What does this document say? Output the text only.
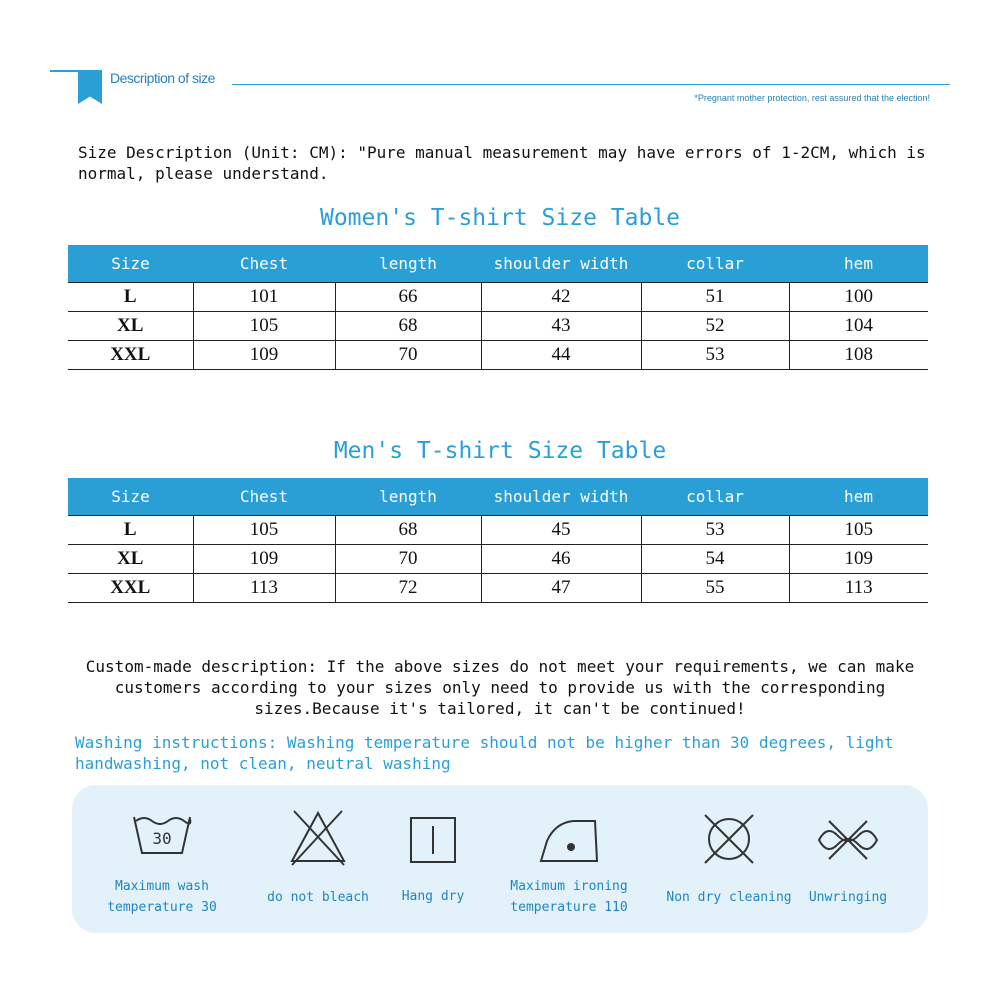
Description of size
*Pregnant mother protection, rest assured that the election!
Size Description (Unit: CM): "Pure manual measurement may have errors of 1-2CM, which is normal, please understand.
Women's T-shirt Size Table
Size	Chest	length	shoulder width	collar	hem
L	101	66	42	51	100
XL	105	68	43	52	104
XXL	109	70	44	53	108
Men's T-shirt Size Table
Size	Chest	length	shoulder width	collar	hem
L	105	68	45	53	105
XL	109	70	46	54	109
XXL	113	72	47	55	113
Custom-made description: If the above sizes do not meet your requirements, we can make customers according to your sizes only need to provide us with the corresponding sizes.Because it's tailored, it can't be continued!
Washing instructions: Washing temperature should not be higher than 30 degrees, light handwashing, not clean, neutral washing
30
Maximum wash
temperature 30
do not bleach	Hang dry
Maximum ironing
temperature 110
Non dry cleaning	Unwringing
